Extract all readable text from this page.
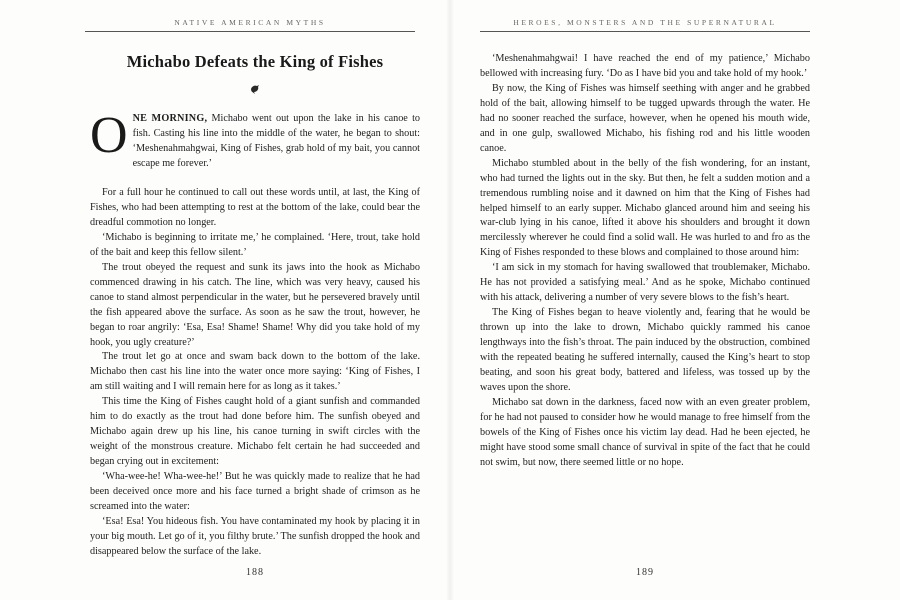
NATIVE AMERICAN MYTHS
Michabo Defeats the King of Fishes

ONE MORNING, Michabo went out upon the lake in his canoe to fish. Casting his line into the middle of the water, he began to shout: ‘Meshenahmahgwai, King of Fishes, grab hold of my bait, you cannot escape me forever.’

For a full hour he continued to call out these words until, at last, the King of Fishes, who had been attempting to rest at the bottom of the lake, could bear the dreadful commotion no longer.

‘Michabo is beginning to irritate me,’ he complained. ‘Here, trout, take hold of the bait and keep this fellow silent.’

The trout obeyed the request and sunk its jaws into the hook as Michabo commenced drawing in his catch. The line, which was very heavy, caused his canoe to stand almost perpendicular in the water, but he persevered bravely until the fish appeared above the surface. As soon as he saw the trout, however, he began to roar angrily: ‘Esa, Esa! Shame! Shame! Why did you take hold of my hook, you ugly creature?’

The trout let go at once and swam back down to the bottom of the lake. Michabo then cast his line into the water once more saying: ‘King of Fishes, I am still waiting and I will remain here for as long as it takes.’

This time the King of Fishes caught hold of a giant sunfish and commanded him to do exactly as the trout had done before him. The sunfish obeyed and Michabo again drew up his line, his canoe turning in swift circles with the weight of the monstrous creature. Michabo felt certain he had succeeded and began crying out in excitement:

‘Wha-wee-he! Wha-wee-he!’ But he was quickly made to realize that he had been deceived once more and his face turned a bright shade of crimson as he screamed into the water:

‘Esa! Esa! You hideous fish. You have contaminated my hook by placing it in your big mouth. Let go of it, you filthy brute.’ The sunfish dropped the hook and disappeared below the surface of the lake.

188
HEROES, MONSTERS AND THE SUPERNATURAL

‘Meshenahmahgwai! I have reached the end of my patience,’ Michabo bellowed with increasing fury. ‘Do as I have bid you and take hold of my hook.’

By now, the King of Fishes was himself seething with anger and he grabbed hold of the bait, allowing himself to be tugged upwards through the water. He had no sooner reached the surface, however, when he opened his mouth wide, and in one gulp, swallowed Michabo, his fishing rod and his little wooden canoe.

Michabo stumbled about in the belly of the fish wondering, for an instant, who had turned the lights out in the sky. But then, he felt a sudden motion and a tremendous rumbling noise and it dawned on him that the King of Fishes had helped himself to an early supper. Michabo glanced around him and seeing his war-club lying in his canoe, lifted it above his shoulders and brought it down mercilessly wherever he could find a solid wall. He was hurled to and fro as the King of Fishes responded to these blows and complained to those around him:

‘I am sick in my stomach for having swallowed that troublemaker, Michabo. He has not provided a satisfying meal.’ And as he spoke, Michabo continued with his attack, delivering a number of very severe blows to the fish’s heart.

The King of Fishes began to heave violently and, fearing that he would be thrown up into the lake to drown, Michabo quickly rammed his canoe lengthways into the fish’s throat. The pain induced by the obstruction, combined with the repeated beating he suffered internally, caused the King’s heart to stop beating, and soon his great body, battered and lifeless, was tossed up by the waves upon the shore.

Michabo sat down in the darkness, faced now with an even greater problem, for he had not paused to consider how he would manage to free himself from the bowels of the King of Fishes once his victim lay dead. Had he been ejected, he might have stood some small chance of survival in spite of the fact that he could not swim, but now, there seemed little or no hope.

189
